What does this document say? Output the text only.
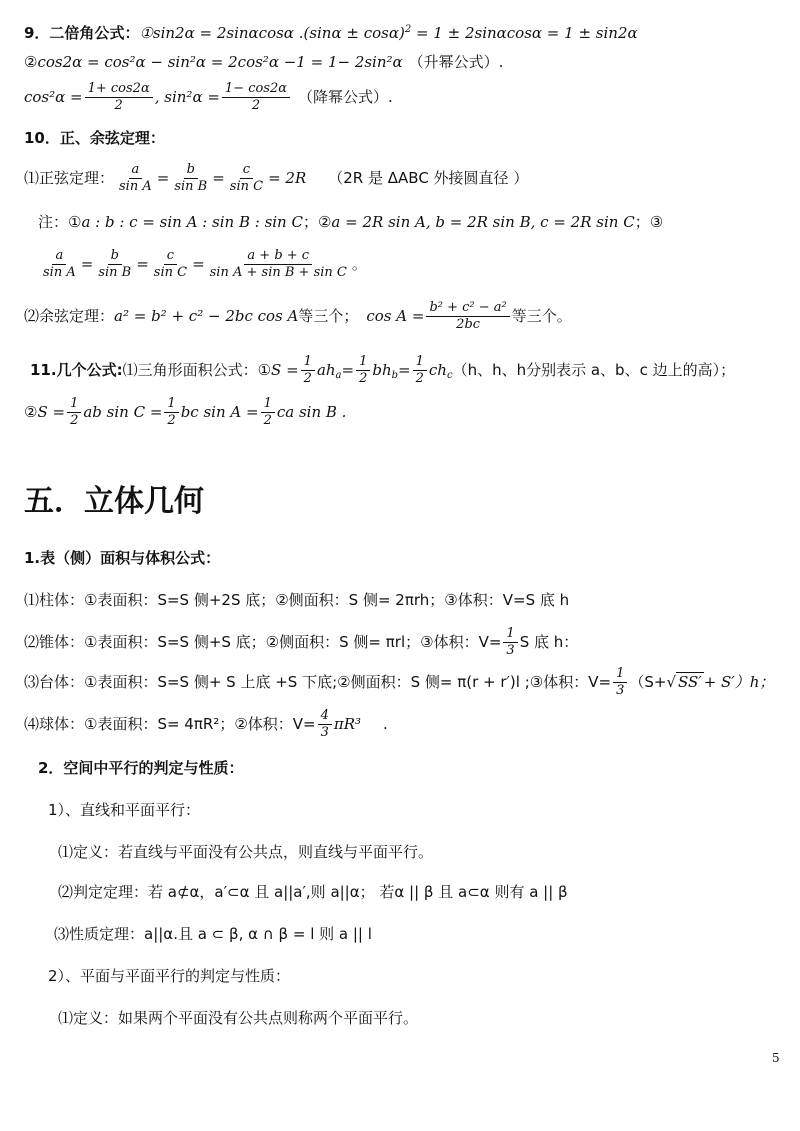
9．二倍角公式：①sin2α = 2sinαcosα $.(\sin\alpha \pm \cos\alpha)^2 = 1 \pm 2\sin\alpha\cos\alpha = 1 \pm \sin 2\alpha$
②cos2α = cos²α − sin²α = 2cos²α −1 = 1− 2sin²α （升幂公式）.
$\cos^2\alpha = \frac{1+ \cos 2\alpha}{2}$ , $\sin^2\alpha = \frac{1- \cos 2\alpha}{2}$ （降幂公式）.
10．正、余弦定理：
⑴正弦定理： $\frac{a}{\text{sin A}} = \frac{b}{\text{sin B}} = \frac{c}{\text{sin C}} = 2R$ （2R 是 ΔABC 外接圆直径 ）
注：①a : b : c = sin A : sin B : sin C；②a = 2R sin A, b = 2R sin B, c = 2R sin C；③
$\frac{a}{\text{sin A}} = \frac{b}{\text{sin B}} = \frac{c}{\text{sin C}} = \frac{a + b + c}{\text{sin A + sin B + sin C}}$ 。
⑵余弦定理：a² = b² + c² − 2bc cos A等三个； $\cos A = \frac{\text{b² + c² − a²}}{2bc}$ 等三个。
11.几个公式:⑴三角形面积公式：①S = $\frac{1}{2} ah_a= \frac{1}{2} bh_b= \frac{1}{2} ch_c(h$、h、h分别表示 a、b、c 边上的高）；
②S = $\frac{1}{2}$ ab $\sin C = \frac{1}{2}$ bc $\sin A = \frac{1}{2}$ ca sin B .
五．立体几何
1.表（侧）面积与体积公式：
⑴柱体：①表面积：S=S 侧+2S 底；②侧面积：S 侧= 2πrh；③体积：V=S 底 h
⑵锥体：①表面积：S=S 侧+S 底；②侧面积：S 侧= πrl；③体积：$V= \frac{1}{3}$ S 底 h：
⑶台体：①表面积：S=S 侧+ S 上底 +S 下底;②侧面积：S 侧= π(r + r′)l ;③体积：$V= \frac{1}{3} (S+√$ SS′ + S′）h；
⑷球体：①表面积：S= 4πR²；②体积：$V= \frac{4}{3} \pi R^3$ .
2．空间中平行的判定与性质：
1）、直线和平面平行：
⑴定义：若直线与平面没有公共点，则直线与平面平行。
⑵判定定理：若 a⊄α，a′⊂α 且 a||a′,则 a||α； 若α || β 且 a⊂α 则有 a || β
⑶性质定理：a||α.且 a ⊂ β, α ∩ β = l 则 a || l
2）、平面与平面平行的判定与性质：
⑴定义：如果两个平面没有公共点则称两个平面平行。
5
